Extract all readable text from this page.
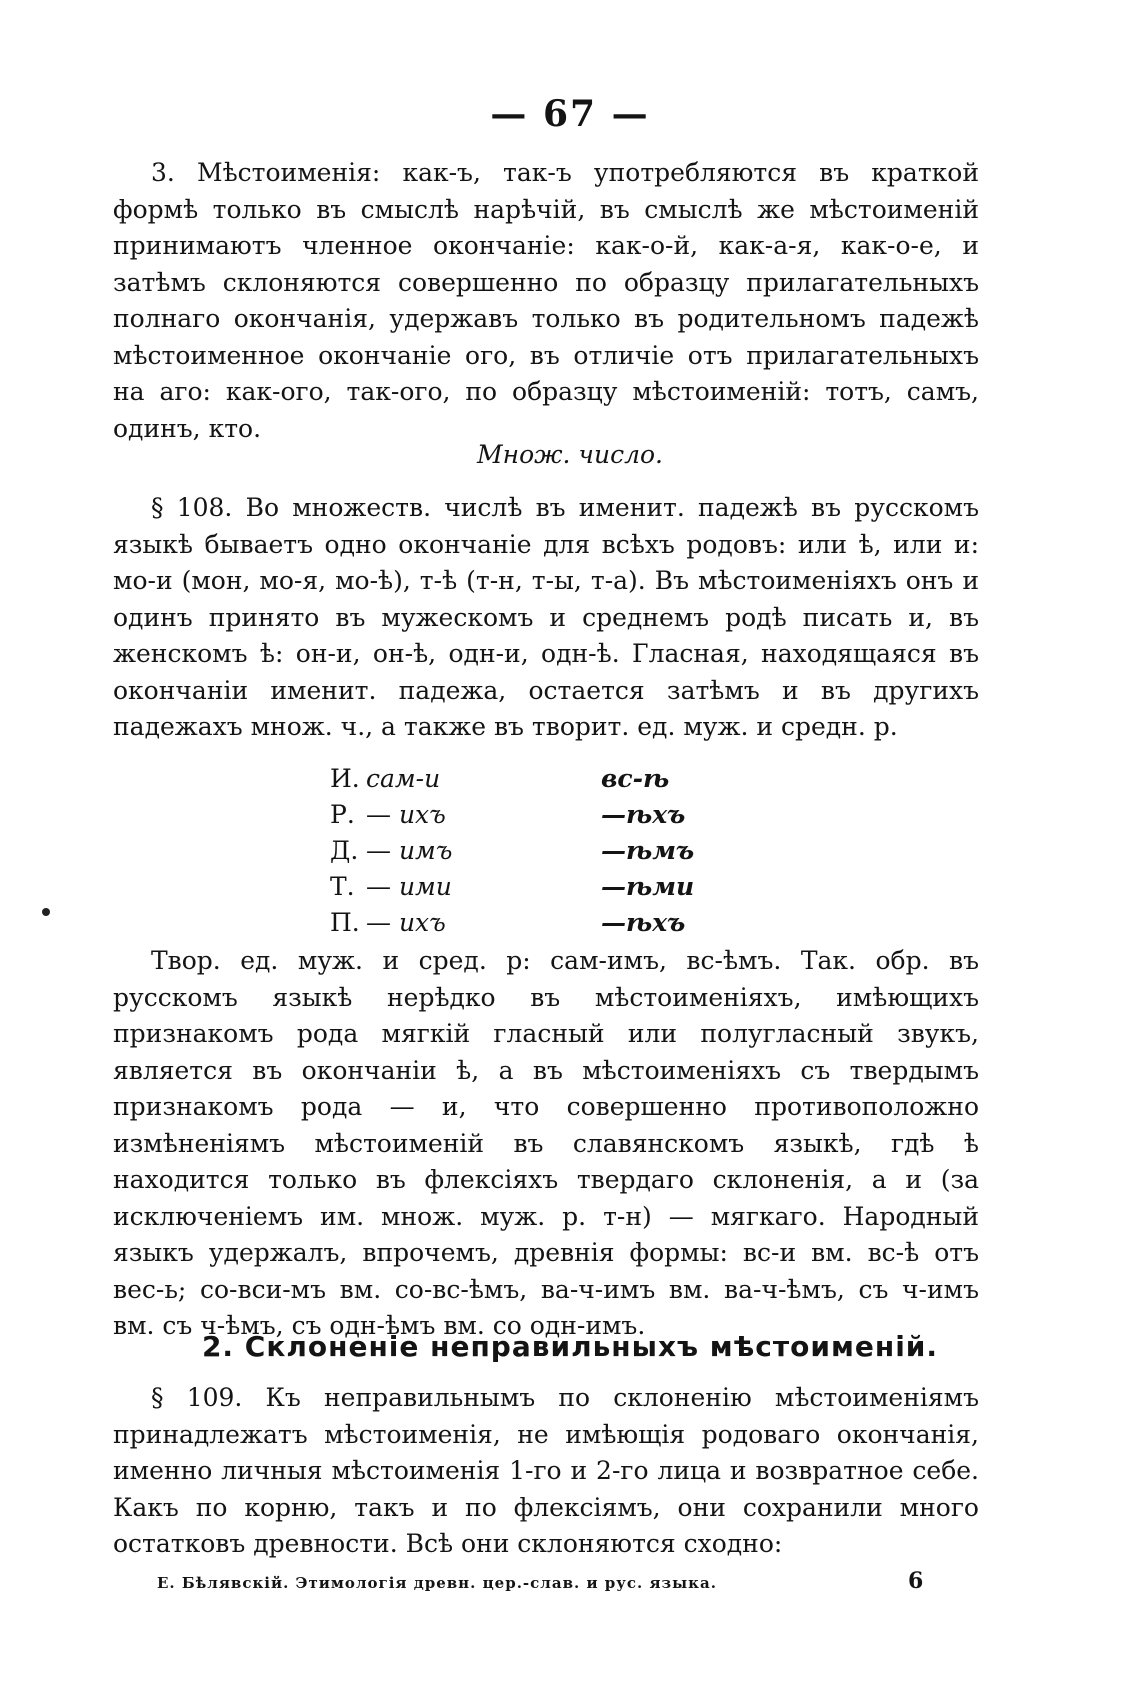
— 67 —

3. Мѣстоименія: как-ъ, так-ъ употребляются въ краткой формѣ только въ смыслѣ нарѣчій, въ смыслѣ же мѣстоименій принимаютъ членное окончаніе: как-о-й, как-а-я, как-о-е, и затѣмъ склоняются совершенно по образцу прилагательныхъ полнаго окончанія, удержавъ только въ родительномъ падежѣ мѣстоименное окончаніе ого, въ отличіе отъ прилагательныхъ на аго: как-ого, так-ого, по образцу мѣстоименій: тотъ, самъ, одинъ, кто.

Множ. число.

§ 108. Во множеств. числѣ въ именит. падежѣ въ русскомъ языкѣ бываетъ одно окончаніе для всѣхъ родовъ: или ѣ, или и: мо-и (мон, мо-я, мо-ѣ), т-ѣ (т-н, т-ы, т-а). Въ мѣстоименіяхъ онъ и одинъ принято въ мужескомъ и среднемъ родѣ писать и, въ женскомъ ѣ: он-и, он-ѣ, одн-и, одн-ѣ. Гласная, находящаяся въ окончаніи именит. падежа, остается затѣмъ и въ другихъ падежахъ множ. ч., а также въ творит. ед. муж. и средн. р.

И.	сам-и	вс-ѣ
Р.	— ихъ	—ѣхъ
Д.	— имъ	—ѣмъ
Т.	— ими	—ѣми
П.	— ихъ	—ѣхъ

Твор. ед. муж. и сред. р: сам-имъ, вс-ѣмъ. Так. обр. въ русскомъ языкѣ нерѣдко въ мѣстоименіяхъ, имѣющихъ признакомъ рода мягкій гласный или полугласный звукъ, является въ окончаніи ѣ, а въ мѣстоименіяхъ съ твердымъ признакомъ рода — и, что совершенно противоположно измѣненіямъ мѣстоименій въ славянскомъ языкѣ, гдѣ ѣ находится только въ флексіяхъ твердаго склоненія, а и (за исключеніемъ им. множ. муж. р. т-н) — мягкаго. Народный языкъ удержалъ, впрочемъ, древнія формы: вс-и вм. вс-ѣ отъ вес-ь; со-вси-мъ вм. со-вс-ѣмъ, ва-ч-имъ вм. ва-ч-ѣмъ, съ ч-имъ вм. съ ч-ѣмъ, съ одн-ѣмъ вм. со одн-имъ.

2. Склоненіе неправильныхъ мѣстоименій.

§ 109. Къ неправильнымъ по склоненію мѣстоименіямъ принадлежатъ мѣстоименія, не имѣющія родоваго окончанія, именно личныя мѣстоименія 1-го и 2-го лица и возвратное себе. Какъ по корню, такъ и по флексіямъ, они сохранили много остатковъ древности. Всѣ они склоняются сходно:

Е. Бѣлявскій. Этимологія древн. цер.-слав. и рус. языка.	6
